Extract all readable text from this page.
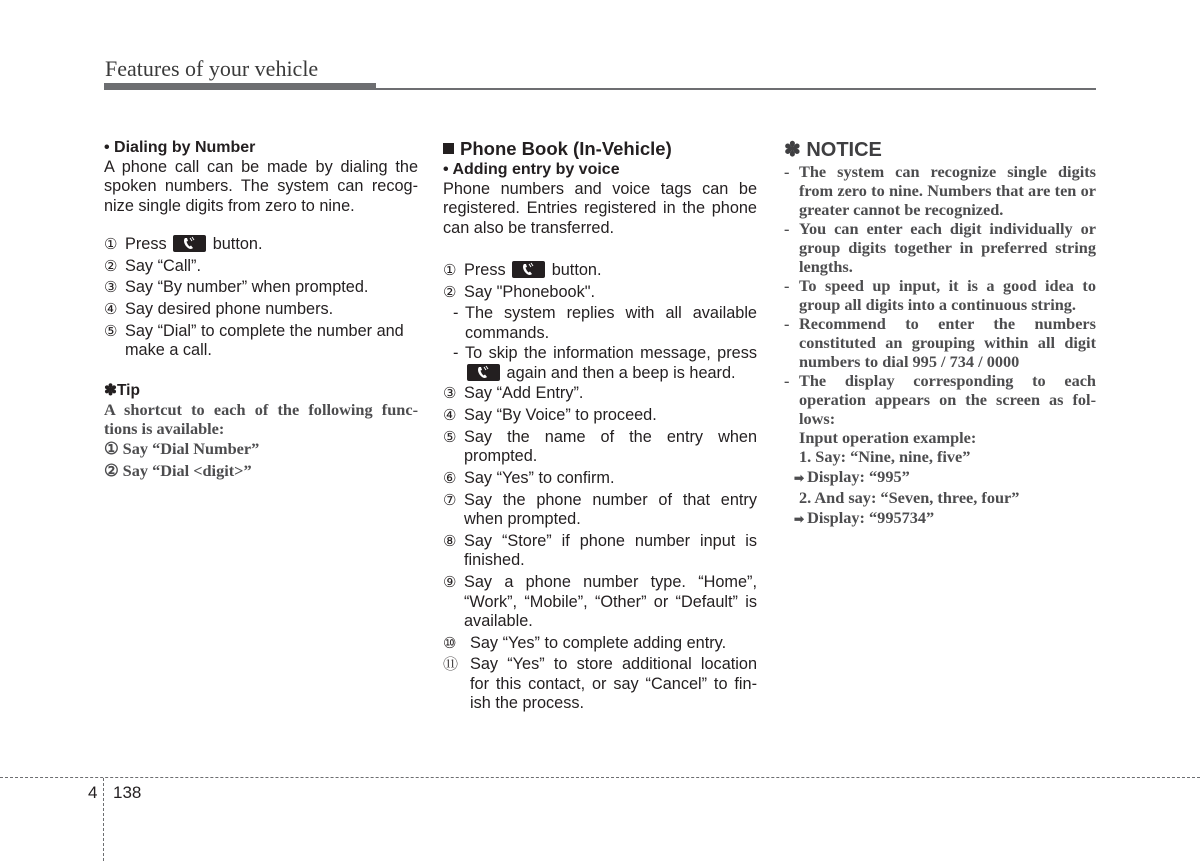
Features of your vehicle
• Dialing by Number
A phone call can be made by dialing the spoken numbers. The system can recog- nize single digits from zero to nine.
① Press	button.
② Say “Call”.
③ Say “By number” when prompted.
④ Say desired phone numbers.
⑤ Say “Dial” to complete the number and make a call.
✽Tip
A shortcut to each of the following func- tions is available:
① Say “Dial Number”
② Say “Dial <digit>”
Phone Book (In-Vehicle)
• Adding entry by voice
Phone numbers and voice tags can be registered. Entries registered in the phone can also be transferred.
① Press	button.
② Say "Phonebook".
- The system replies with all available commands.
- To skip the information message, press
again and then a beep is heard.
③ Say “Add Entry”.
④ Say “By Voice” to proceed.
⑤ Say the name of the entry when prompted.
⑥ Say “Yes” to confirm.
⑦ Say the phone number of that entry when prompted.
⑧ Say “Store” if phone number input is finished.
⑨ Say a phone number type. “Home”, “Work”, “Mobile”, “Other” or “Default” is available.
⑩ Say “Yes” to complete adding entry.
⑪ Say “Yes” to store additional location for this contact, or say “Cancel” to fin- ish the process.
✽ NOTICE
- The system can recognize single digits from zero to nine. Numbers that are ten or greater cannot be recognized.
- You can enter each digit individually or group digits together in preferred string lengths.
- To speed up input, it is a good idea to group all digits into a continuous string.
- Recommend to enter the numbers constituted an grouping within all digit numbers to dial 995 / 734 / 0000
- The display corresponding to each operation appears on the screen as fol- lows:
Input operation example:
1. Say: “Nine, nine, five”
➡ Display: “995”
2. And say: “Seven, three, four”
➡ Display: “995734”
4 138
